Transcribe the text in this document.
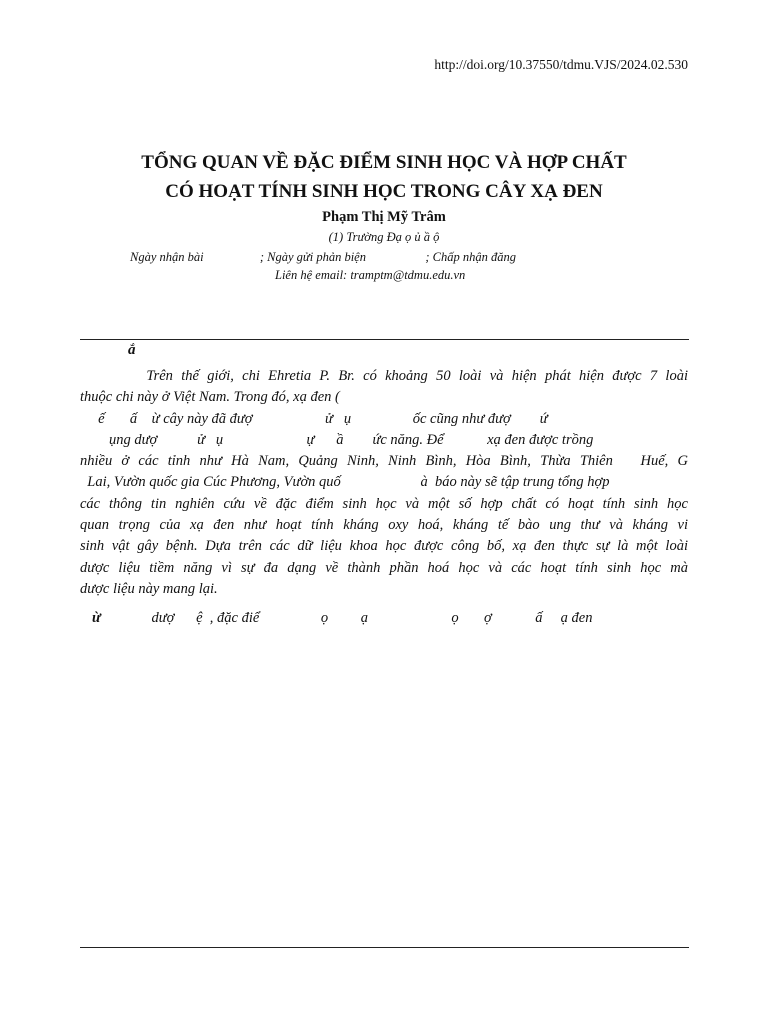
http://doi.org/10.37550/tdmu.VJS/2024.02.530
TỔNG QUAN VỀ ĐẶC ĐIỂM SINH HỌC VÀ HỢP CHẤT
CÓ HOẠT TÍNH SINH HỌC TRONG CÂY XẠ ĐEN
Phạm Thị Mỹ Trâm
(1) Trường Đạ ọ ủ ầ ộ
Ngày nhận bài                  ; Ngày gửi phản biện                   ; Chấp nhận đăng
Liên hệ email: tramptm@tdmu.edu.vn
ắ
Trên thế giới, chi Ehretia P. Br. có khoảng 50 loài và hiện phát hiện được 7 loài
thuộc chi này ở Việt Nam. Trong đó, xạ đen (
ế       ấ    ừ cây này đã đượ                    ử   ụ                 ốc cũng như đượ        ứ
ụng dượ           ử   ụ                       ự      ầ        ức năng. Để            xạ đen được trồng
nhiều ở các tỉnh như Hà Nam, Quảng Ninh, Ninh Bình, Hòa Bình, Thừa Thiên   Huế, G
Lai, Vườn quốc gia Cúc Phương, Vườn quố                      à  báo này sẽ tập trung tổng hợp
các thông tin nghiên cứu về đặc điểm sinh học và một số hợp chất có hoạt tính sinh học
quan trọng của xạ đen như hoạt tính kháng oxy hoá, kháng tế bào ung thư và kháng vi
sinh vật gây bệnh. Dựa trên các dữ liệu khoa học được công bố, xạ đen thực sự là một loài
dược liệu tiềm năng vì sự đa dạng về thành phần hoá học và các hoạt tính sinh học mà
dược liệu này mang lại.
ừ              dượ      ệ  , đặc điể                 ọ         ạ                       ọ       ợ            ấ     ạ đen
